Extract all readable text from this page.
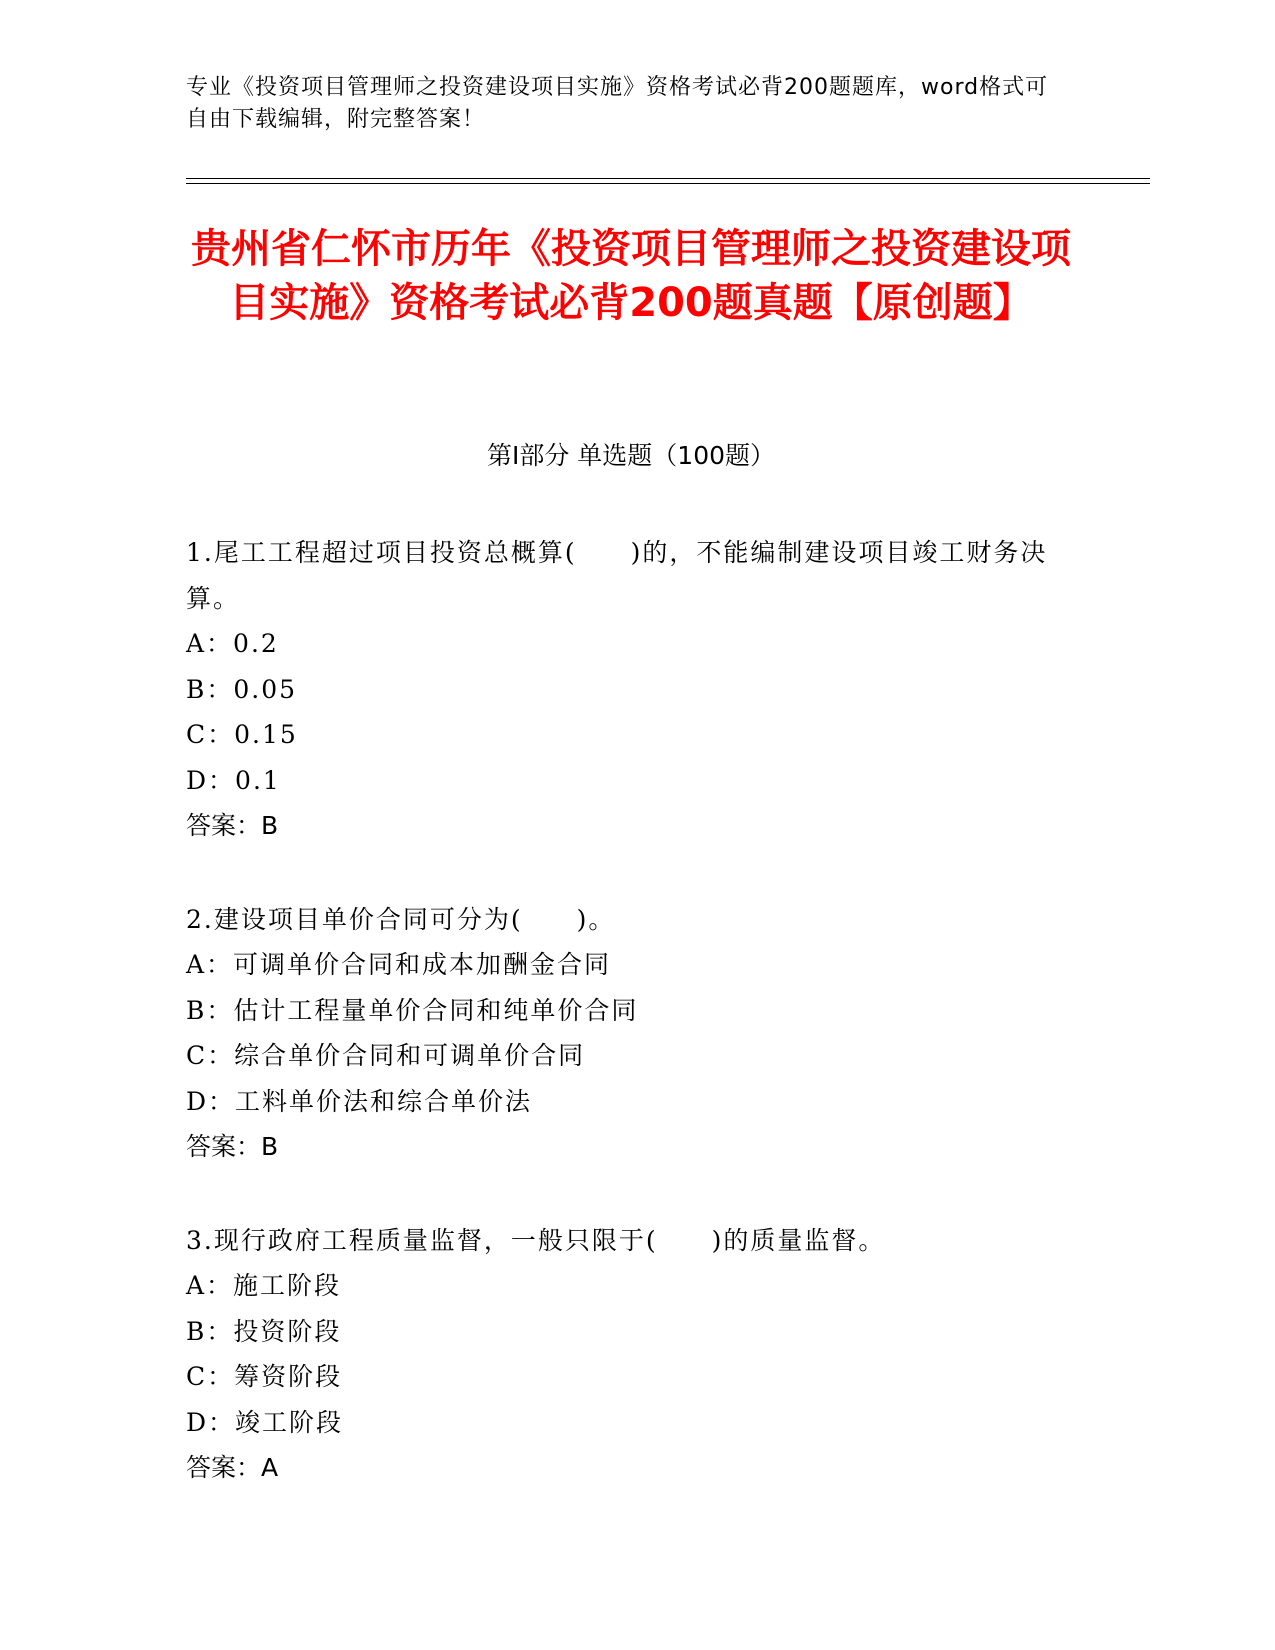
专业《投资项目管理师之投资建设项目实施》资格考试必背200题题库，word格式可自由下载编辑，附完整答案！
贵州省仁怀市历年《投资项目管理师之投资建设项目实施》资格考试必背200题真题【原创题】
第Ⅰ部分 单选题（100题）
1.尾工工程超过项目投资总概算(　　)的，不能编制建设项目竣工财务决算。
A：0.2
B：0.05
C：0.15
D：0.1
答案：B
2.建设项目单价合同可分为(　　)。
A：可调单价合同和成本加酬金合同
B：估计工程量单价合同和纯单价合同
C：综合单价合同和可调单价合同
D：工料单价法和综合单价法
答案：B
3.现行政府工程质量监督，一般只限于(　　)的质量监督。
A：施工阶段
B：投资阶段
C：筹资阶段
D：竣工阶段
答案：A
